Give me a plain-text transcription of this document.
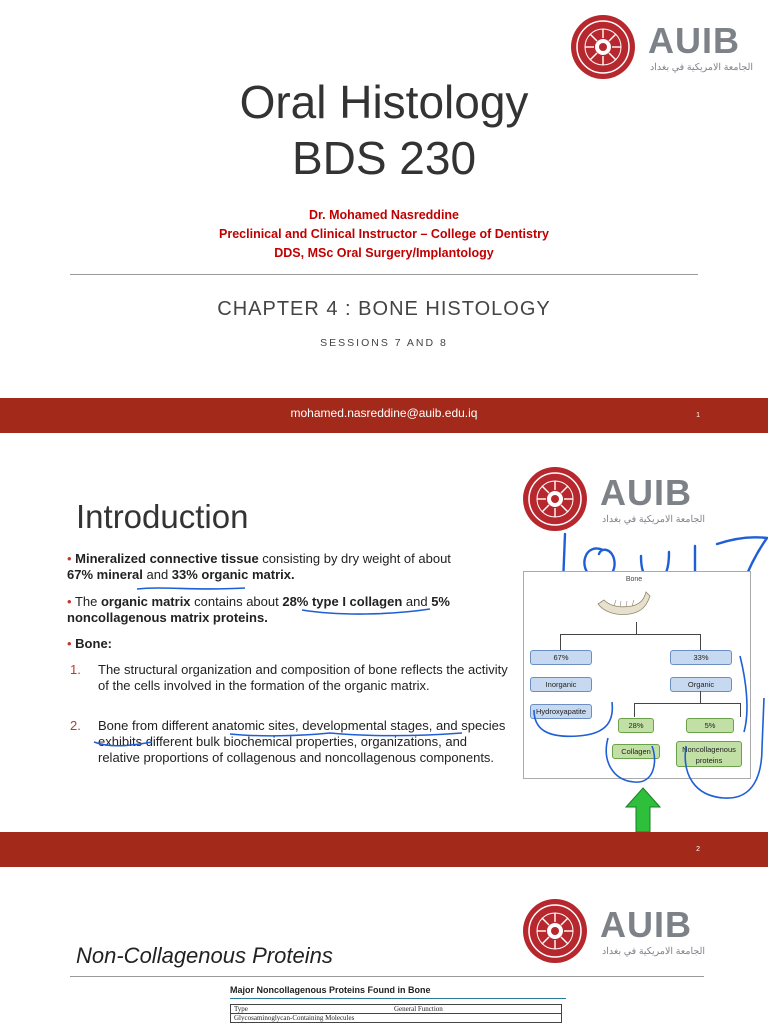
AUIB
الجامعة الامريكية في بغداد
Oral Histology
BDS 230
Dr. Mohamed Nasreddine
Preclinical and Clinical Instructor – College of Dentistry
DDS, MSc Oral Surgery/Implantology
CHAPTER 4 : BONE HISTOLOGY
SESSIONS 7 AND 8
mohamed.nasreddine@auib.edu.iq	1
AUIB
الجامعة الامريكية في بغداد
Introduction
• Mineralized connective tissue consisting by dry weight of about
67% mineral and 33% organic matrix.
• The organic matrix contains about 28% type I collagen and 5% noncollagenous matrix proteins.
• Bone:
1. The structural organization and composition of bone reflects the activity of the cells involved in the formation of the organic matrix.
2. Bone from different anatomic sites, developmental stages, and species exhibits different bulk biochemical properties, organizations, and relative proportions of collagenous and noncollagenous components.
Bone
67%	33%
Inorganic	Organic
Hydroxyapatite
28%	5%
Collagen	Noncollagenous proteins
2
AUIB
الجامعة الامريكية في بغداد
Non-Collagenous Proteins
Major Noncollagenous Proteins Found in Bone
Type	General Function
Glycosaminoglycan-Containing Molecules
